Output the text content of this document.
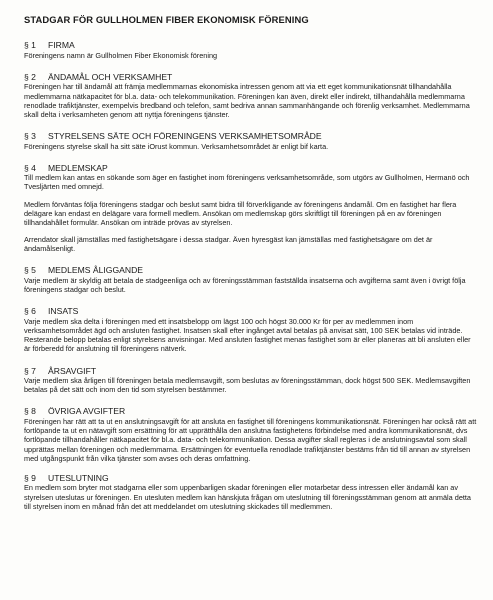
STADGAR FÖR GULLHOLMEN FIBER EKONOMISK FÖRENING
§ 1 FIRMA

Föreningens namn är Gullholmen Fiber Ekonomisk förening

§ 2 ÄNDAMÅL OCH VERKSAMHET

Föreningen har till ändamål att främja medlemmarnas ekonomiska intressen genom att via ett eget kommunikationsnät tillhandahålla medlemmarna nätkapacitet för bl.a. data- och telekommunikation. Föreningen kan även, direkt eller indirekt, tillhandahålla medlemmarna renodlade trafiktjänster, exempelvis bredband och telefon, samt bedriva annan sammanhängande och förenlig verksamhet. Medlemmarna skall delta i verksamheten genom att nyttja föreningens tjänster.

§ 3 STYRELSENS SÄTE OCH FÖRENINGENS VERKSAMHETSOMRÅDE

Föreningens styrelse skall ha sitt säte iOrust kommun. Verksamhetsområdet är enligt bif karta.

§ 4 MEDLEMSKAP

Till medlem kan antas en sökande som äger en fastighet inom föreningens verksamhetsområde, som utgörs av Gullholmen, Hermanö och Tvesljärten med omnejd.

Medlem förväntas följa föreningens stadgar och beslut samt bidra till förverkligande av föreningens ändamål. Om en fastighet har flera delägare kan endast en delägare vara formell medlem. Ansökan om medlemskap görs skriftligt till föreningen på en av föreningen tillhandahållet formulär. Ansökan om inträde prövas av styrelsen.

Arrendator skall jämställas med fastighetsägare i dessa stadgar. Även hyresgäst kan jämställas med fastighetsägare om det är ändamålsenligt.

§ 5 MEDLEMS ÅLIGGANDE

Varje medlem är skyldig att betala de stadgeenliga och av föreningsstämman fastställda insatserna och avgifterna samt även i övrigt följa föreningens stadgar och beslut.

§ 6 INSATS

Varje medlem ska delta i föreningen med ett insatsbelopp om lägst 100 och högst 30.000 Kr för per av medlemmen inom verksamhetsområdet ägd och ansluten fastighet. Insatsen skall efter ingånget avtal betalas på anvisat sätt, 100 SEK betalas vid inträde. Resterande belopp betalas enligt styrelsens anvisningar. Med ansluten fastighet menas fastighet som är eller planeras att bli ansluten eller är förberedd för anslutning till föreningens nätverk.

§ 7 ÅRSAVGIFT

Varje medlem ska årligen till föreningen betala medlemsavgift, som beslutas av föreningsstämman, dock högst 500 SEK. Medlemsavgiften betalas på det sätt och inom den tid som styrelsen bestämmer.

§ 8 ÖVRIGA AVGIFTER

Föreningen har rätt att ta ut en anslutningsavgift för att ansluta en fastighet till föreningens kommunikationsnät. Föreningen har också rätt att fortlöpande ta ut en nätavgift som ersättning för att upprätthålla den anslutna fastighetens förbindelse med andra kommunikationsnät, dvs fortlöpande tillhandahåller nätkapacitet för bl.a. data- och telekommunikation. Dessa avgifter skall regleras i de anslutningsavtal som skall upprättas mellan föreningen och medlemmarna. Ersättningen för eventuella renodlade trafiktjänster bestäms från tid till annan av styrelsen med utgångspunkt från vilka tjänster som avses och deras omfattning.

§ 9 UTESLUTNING

En medlem som bryter mot stadgarna eller som uppenbarligen skadar föreningen eller motarbetar dess intressen eller ändamål kan av styrelsen uteslutas ur föreningen. En utesluten medlem kan hänskjuta frågan om uteslutning till föreningsstämman genom att anmäla detta till styrelsen inom en månad från det att meddelandet om uteslutning skickades till medlemmen.
